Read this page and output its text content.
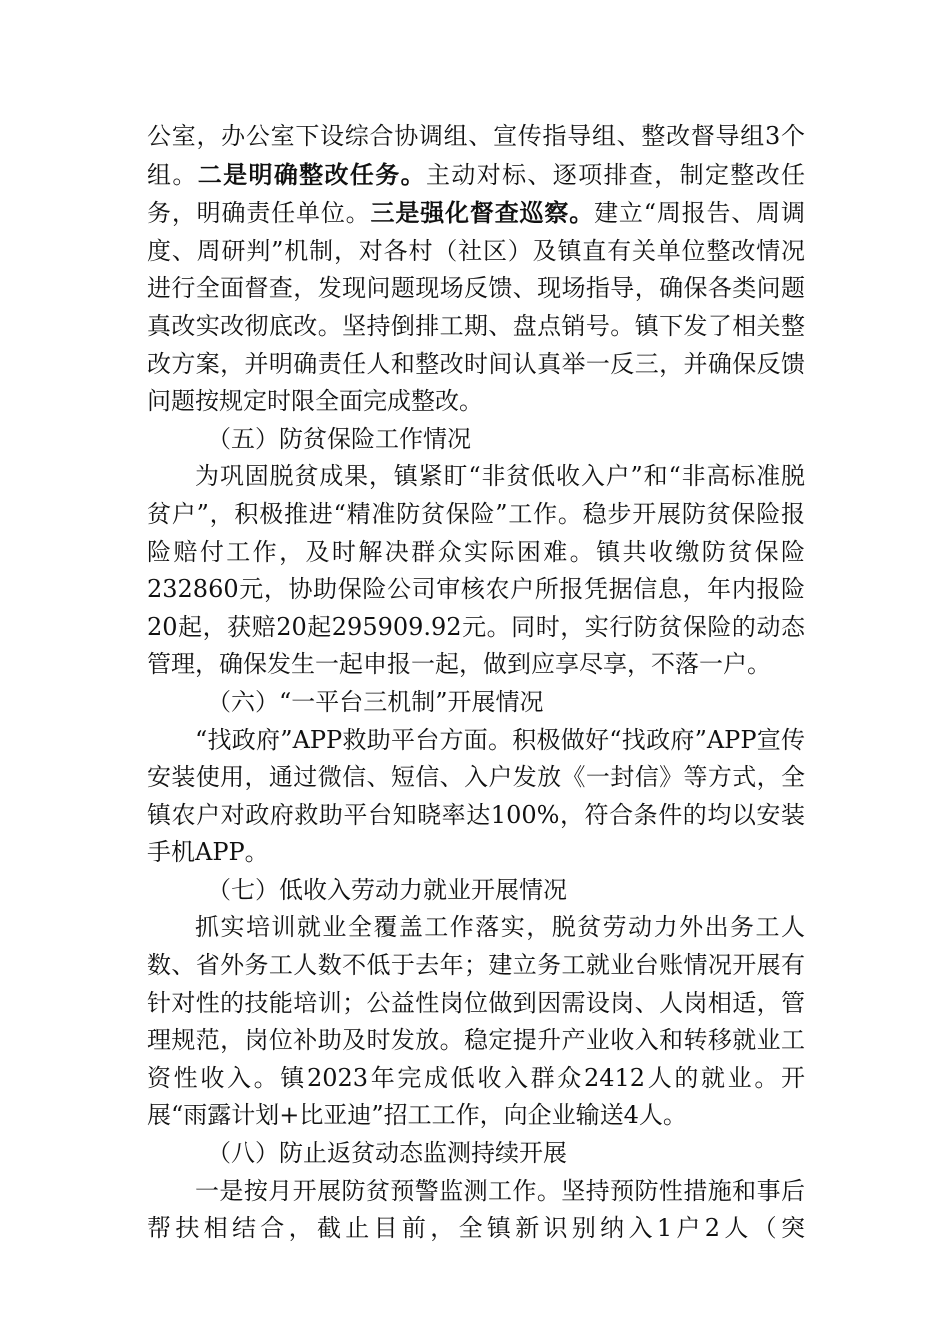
公室，办公室下设综合协调组、宣传指导组、整改督导组3个组。二是明确整改任务。主动对标、逐项排查，制定整改任务，明确责任单位。三是强化督查巡察。建立“周报告、周调度、周研判”机制，对各村（社区）及镇直有关单位整改情况进行全面督查，发现问题现场反馈、现场指导，确保各类问题真改实改彻底改。坚持倒排工期、盘点销号。镇下发了相关整改方案，并明确责任人和整改时间认真举一反三，并确保反馈问题按规定时限全面完成整改。

（五）防贫保险工作情况

为巩固脱贫成果，镇紧盯“非贫低收入户”和“非高标准脱贫户”，积极推进“精准防贫保险”工作。稳步开展防贫保险报险赔付工作，及时解决群众实际困难。镇共收缴防贫保险232860元，协助保险公司审核农户所报凭据信息，年内报险20起，获赔20起295909.92元。同时，实行防贫保险的动态管理，确保发生一起申报一起，做到应享尽享，不落一户。

（六）“一平台三机制”开展情况

“找政府”APP救助平台方面。积极做好“找政府”APP宣传安装使用，通过微信、短信、入户发放《一封信》等方式，全镇农户对政府救助平台知晓率达100%，符合条件的均以安装手机APP。

（七）低收入劳动力就业开展情况

抓实培训就业全覆盖工作落实，脱贫劳动力外出务工人数、省外务工人数不低于去年；建立务工就业台账情况开展有针对性的技能培训；公益性岗位做到因需设岗、人岗相适，管理规范，岗位补助及时发放。稳定提升产业收入和转移就业工资性收入。镇2023年完成低收入群众2412人的就业。开展“雨露计划+比亚迪”招工工作，向企业输送4人。

（八）防止返贫动态监测持续开展

一是按月开展防贫预警监测工作。坚持预防性措施和事后帮扶相结合，截止目前，全镇新识别纳入1户2人（突
